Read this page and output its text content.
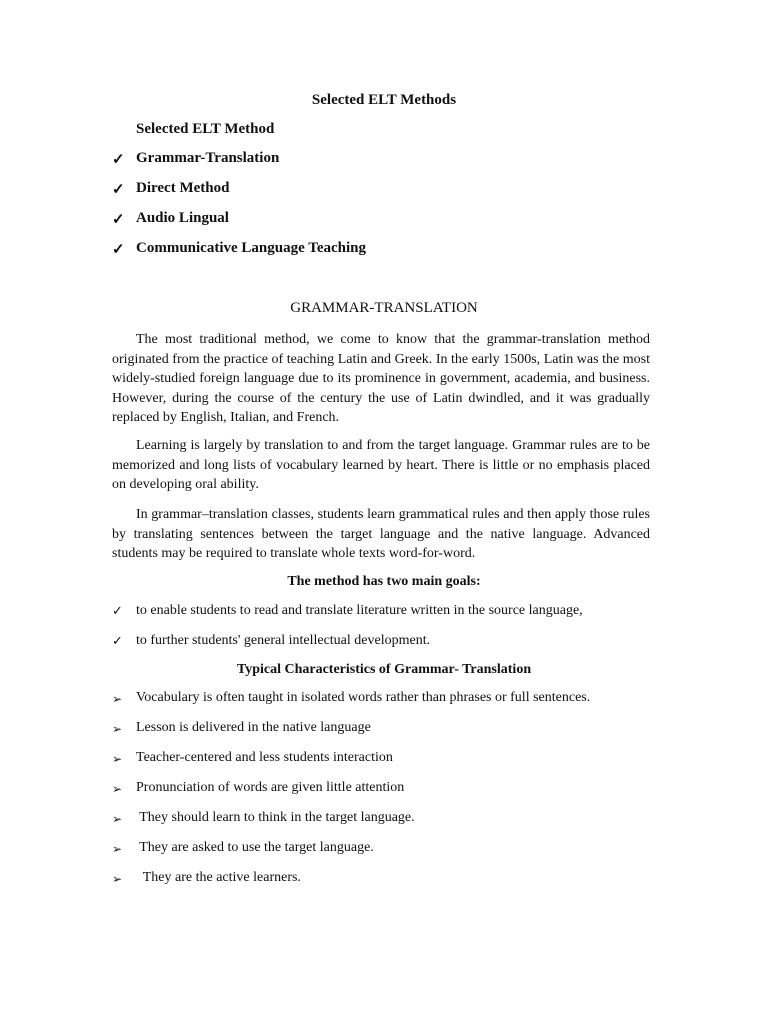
Selected ELT Methods
Selected ELT Method
✓ Grammar-Translation
✓ Direct Method
✓ Audio Lingual
✓ Communicative Language Teaching
GRAMMAR-TRANSLATION

The most traditional method, we come to know that the grammar-translation method originated from the practice of teaching Latin and Greek. In the early 1500s, Latin was the most widely-studied foreign language due to its prominence in government, academia, and business. However, during the course of the century the use of Latin dwindled, and it was gradually replaced by English, Italian, and French.

Learning is largely by translation to and from the target language. Grammar rules are to be memorized and long lists of vocabulary learned by heart. There is little or no emphasis placed on developing oral ability.

In grammar–translation classes, students learn grammatical rules and then apply those rules by translating sentences between the target language and the native language. Advanced students may be required to translate whole texts word-for-word.

The method has two main goals:
✓ to enable students to read and translate literature written in the source language,
✓ to further students' general intellectual development.
Typical Characteristics of Grammar- Translation
➢ Vocabulary is often taught in isolated words rather than phrases or full sentences.
➢ Lesson is delivered in the native language
➢ Teacher-centered and less students interaction
➢ Pronunciation of words are given little attention
➢ They should learn to think in the target language.
➢ They are asked to use the target language.
➢ They are the active learners.
